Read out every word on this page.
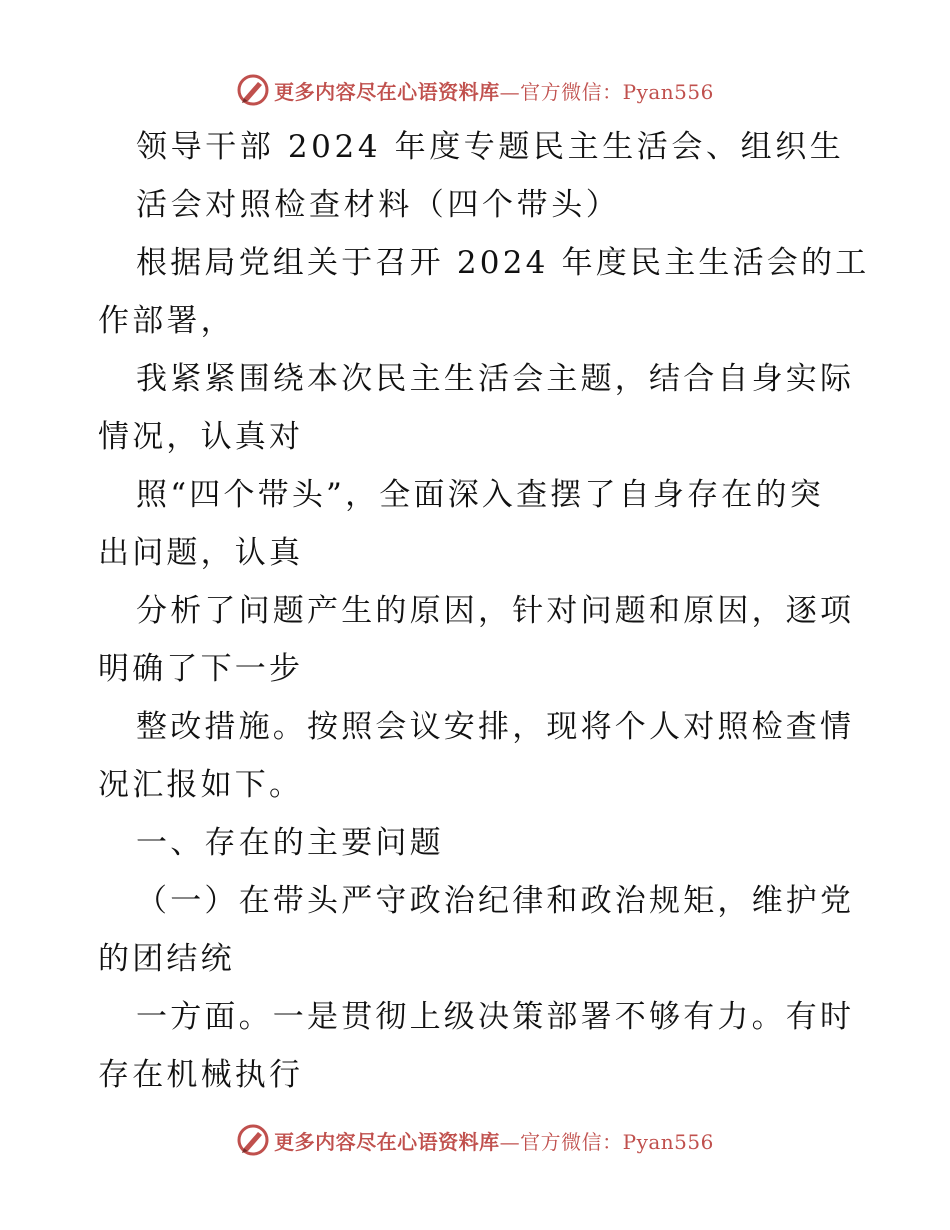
更多内容尽在心语资料库—官方微信：Pyan556
领导干部 2024 年度专题民主生活会、组织生
活会对照检查材料（四个带头）
根据局党组关于召开 2024 年度民主生活会的工
作部署，
我紧紧围绕本次民主生活会主题，结合自身实际
情况，认真对
照“四个带头”，全面深入查摆了自身存在的突
出问题，认真
分析了问题产生的原因，针对问题和原因，逐项
明确了下一步
整改措施。按照会议安排，现将个人对照检查情
况汇报如下。
一、存在的主要问题
（一）在带头严守政治纪律和政治规矩，维护党
的团结统
一方面。一是贯彻上级决策部署不够有力。有时
存在机械执行
更多内容尽在心语资料库—官方微信：Pyan556
